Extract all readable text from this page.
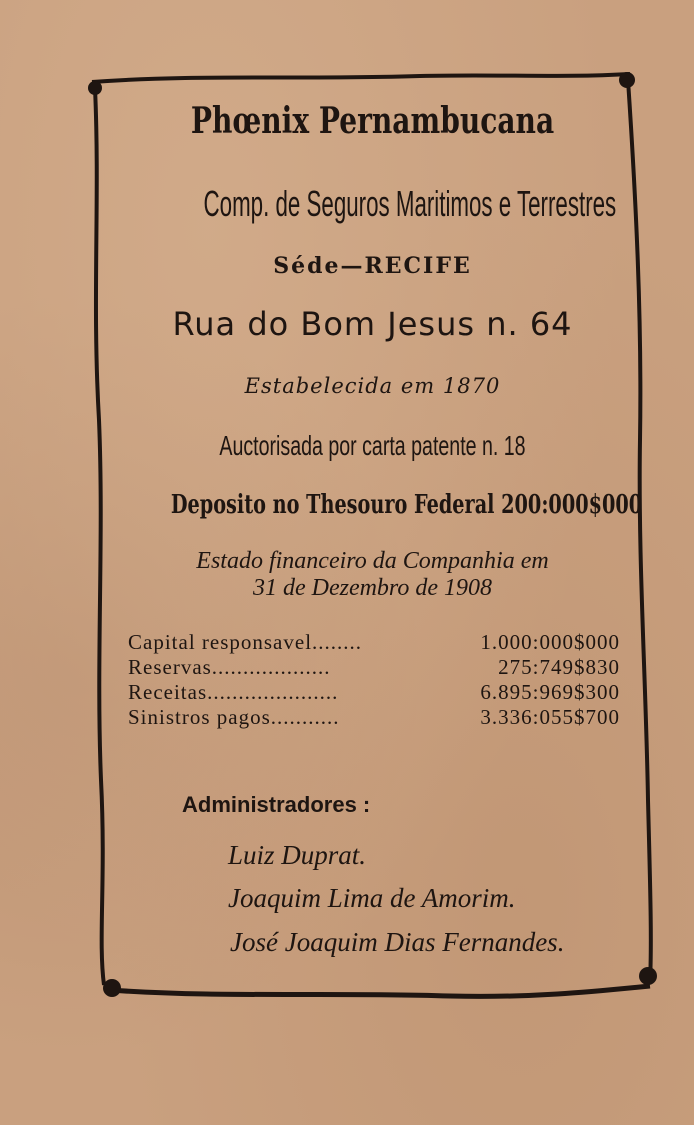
Phœnix Pernambucana
Comp. de Seguros Maritimos e Terrestres
Séde—RECIFE
Rua do Bom Jesus n. 64
Estabelecida em 1870
Auctorisada por carta patente n. 18
Deposito no Thesouro Federal 200:000$000
Estado financeiro da Companhia em
31 de Dezembro de 1908
Capital responsavel........	1.000:000$000
Reservas...................	275:749$830
Receitas.....................	6.895:969$300
Sinistros pagos...........	3.336:055$700
Administradores :
Luiz Duprat.
Joaquim Lima de Amorim.
José Joaquim Dias Fernandes.
